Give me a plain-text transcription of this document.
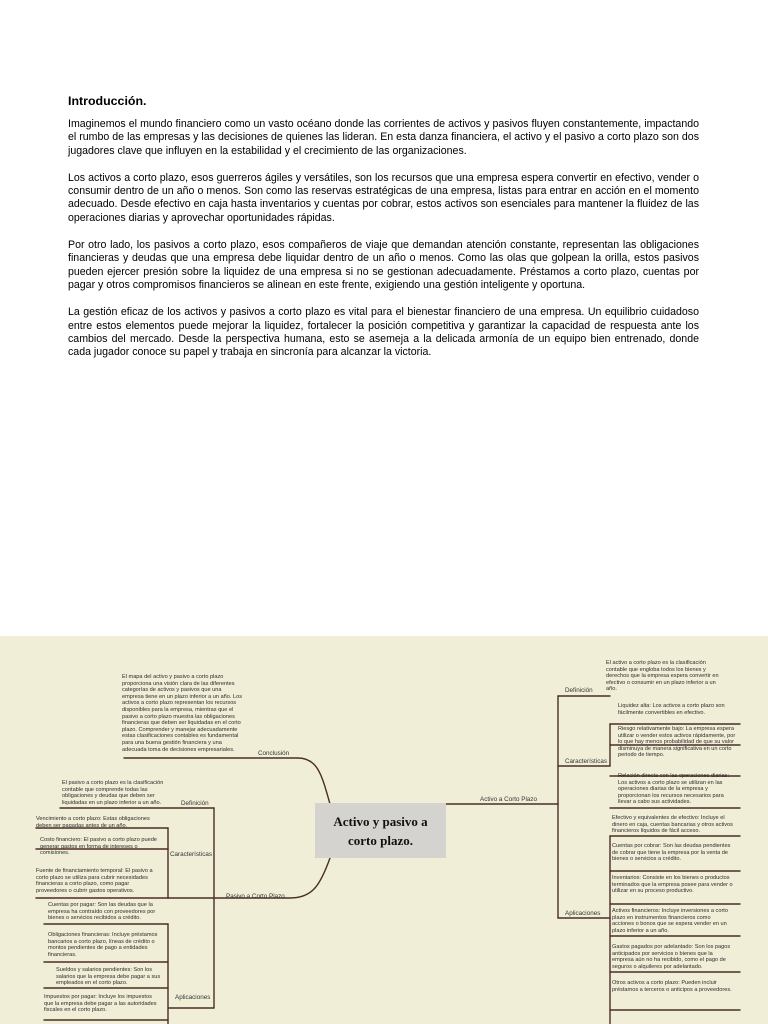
Introducción.

Imaginemos el mundo financiero como un vasto océano donde las corrientes de activos y pasivos fluyen constantemente, impactando el rumbo de las empresas y las decisiones de quienes las lideran. En esta danza financiera, el activo y el pasivo a corto plazo son dos jugadores clave que influyen en la estabilidad y el crecimiento de las organizaciones.

Los activos a corto plazo, esos guerreros ágiles y versátiles, son los recursos que una empresa espera convertir en efectivo, vender o consumir dentro de un año o menos. Son como las reservas estratégicas de una empresa, listas para entrar en acción en el momento adecuado. Desde efectivo en caja hasta inventarios y cuentas por cobrar, estos activos son esenciales para mantener la fluidez de las operaciones diarias y aprovechar oportunidades rápidas.

Por otro lado, los pasivos a corto plazo, esos compañeros de viaje que demandan atención constante, representan las obligaciones financieras y deudas que una empresa debe liquidar dentro de un año o menos. Como las olas que golpean la orilla, estos pasivos pueden ejercer presión sobre la liquidez de una empresa si no se gestionan adecuadamente. Préstamos a corto plazo, cuentas por pagar y otros compromisos financieros se alinean en este frente, exigiendo una gestión inteligente y oportuna.

La gestión eficaz de los activos y pasivos a corto plazo es vital para el bienestar financiero de una empresa. Un equilibrio cuidadoso entre estos elementos puede mejorar la liquidez, fortalecer la posición competitiva y garantizar la capacidad de respuesta ante los cambios del mercado. Desde la perspectiva humana, esto se asemeja a la delicada armonía de un equipo bien entrenado, donde cada jugador conoce su papel y trabaja en sincronía para alcanzar la victoria.

Activo y pasivo a corto plazo.
El mapa del activo y pasivo a corto plazo proporciona una visión clara de las diferentes categorías de activos y pasivos que una empresa tiene en un plazo inferior a un año. Los activos a corto plazo representan los recursos disponibles para la empresa, mientras que el pasivo a corto plazo muestra las obligaciones financieras que deben ser liquidadas en el corto plazo. Comprender y manejar adecuadamente estas clasificaciones contables es fundamental para una buena gestión financiera y una adecuada toma de decisiones empresariales.
Conclusión
El pasivo a corto plazo es la clasificación contable que comprende todas las obligaciones y deudas que deben ser liquidadas en un plazo inferior a un año.	Definición
Vencimiento a corto plazo: Estas obligaciones deben ser pagadas antes de un año.
Costo financiero: El pasivo a corto plazo puede generar gastos en forma de intereses o comisiones.
Fuente de financiamiento temporal: El pasivo a corto plazo se utiliza para cubrir necesidades financieras a corto plazo, como pagar proveedores o cubrir gastos operativos.
Características
Pasivo a Corto Plazo
Cuentas por pagar: Son las deudas que la empresa ha contraído con proveedores por bienes o servicios recibidos a crédito.
Obligaciones financieras: Incluye préstamos bancarios a corto plazo, líneas de crédito o montos pendientes de pago a entidades financieras.
Sueldos y salarios pendientes: Son los salarios que la empresa debe pagar a sus empleados en el corto plazo.
Impuestos por pagar: Incluye los impuestos que la empresa debe pagar a las autoridades fiscales en el corto plazo.
Aplicaciones
Activo a Corto Plazo
El activo a corto plazo es la clasificación contable que engloba todos los bienes y derechos que la empresa espera convertir en efectivo o consumir en un plazo inferior a un año.
Definición
Liquidez alta: Los activos a corto plazo son fácilmente convertibles en efectivo.
Riesgo relativamente bajo: La empresa espera utilizar o vender estos activos rápidamente, por lo que hay menos probabilidad de que su valor disminuya de manera significativa en un corto periodo de tiempo.
Relación directa con las operaciones diarias: Los activos a corto plazo se utilizan en las operaciones diarias de la empresa y proporcionan los recursos necesarios para llevar a cabo sus actividades.
Características
Efectivo y equivalentes de efectivo: Incluye el dinero en caja, cuentas bancarias y otros activos financieros líquidos de fácil acceso.
Cuentas por cobrar: Son las deudas pendientes de cobrar que tiene la empresa por la venta de bienes o servicios a crédito.
Inventarios: Consiste en los bienes o productos terminados que la empresa posee para vender o utilizar en su proceso productivo.
Activos financieros: Incluye inversiones a corto plazo en instrumentos financieros como acciones o bonos que se espera vender en un plazo inferior a un año.
Gastos pagados por adelantado: Son los pagos anticipados por servicios o bienes que la empresa aún no ha recibido, como el pago de seguros o alquileres por adelantado.
Otros activos a corto plazo: Pueden incluir préstamos a terceros o anticipos a proveedores.
Aplicaciones
